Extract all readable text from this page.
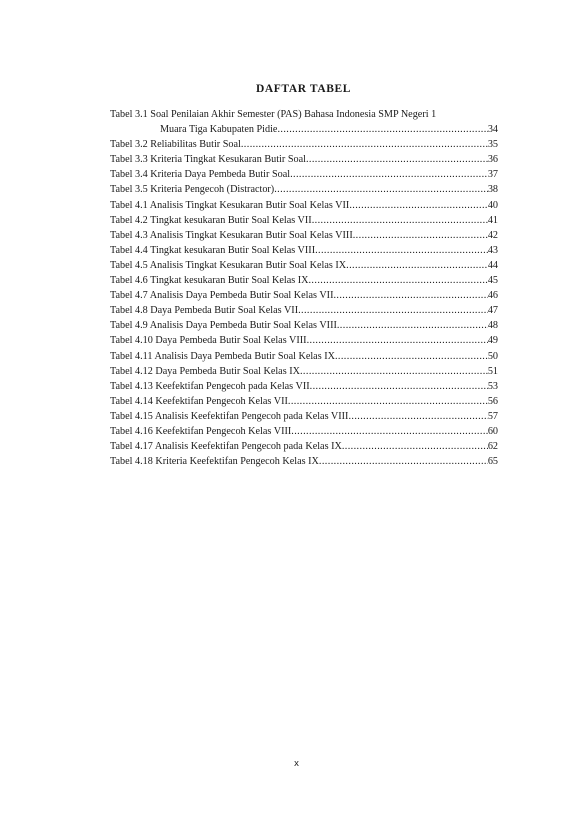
DAFTAR TABEL
Tabel 3.1 Soal Penilaian Akhir Semester (PAS) Bahasa Indonesia SMP Negeri 1
Muara Tiga Kabupaten Pidie .....	34
Tabel 3.2 Reliabilitas Butir Soal .....	35
Tabel 3.3 Kriteria Tingkat Kesukaran Butir Soal .....	36
Tabel 3.4 Kriteria Daya Pembeda Butir Soal .....	37
Tabel 3.5 Kriteria Pengecoh (Distractor) .....	38
Tabel 4.1 Analisis Tingkat Kesukaran Butir Soal Kelas VII .....	40
Tabel 4.2 Tingkat kesukaran Butir Soal Kelas VII .....	41
Tabel 4.3 Analisis Tingkat Kesukaran Butir Soal Kelas VIII .....	42
Tabel 4.4 Tingkat kesukaran Butir Soal Kelas VIII .....	43
Tabel 4.5 Analisis Tingkat Kesukaran Butir Soal Kelas IX .....	44
Tabel 4.6 Tingkat kesukaran Butir Soal Kelas IX .....	45
Tabel 4.7 Analisis Daya Pembeda Butir Soal Kelas VII .....	46
Tabel 4.8 Daya Pembeda Butir Soal Kelas VII .....	47
Tabel 4.9 Analisis Daya Pembeda Butir Soal Kelas VIII .....	48
Tabel 4.10 Daya Pembeda Butir Soal Kelas VIII .....	49
Tabel 4.11 Analisis Daya Pembeda Butir Soal Kelas IX .....	50
Tabel 4.12 Daya Pembeda Butir Soal Kelas IX .....	51
Tabel 4.13 Keefektifan Pengecoh pada Kelas VII .....	53
Tabel 4.14 Keefektifan Pengecoh Kelas VII .....	56
Tabel 4.15 Analisis Keefektifan Pengecoh pada Kelas VIII .....	57
Tabel 4.16 Keefektifan Pengecoh Kelas VIII .....	60
Tabel 4.17 Analisis Keefektifan Pengecoh pada Kelas IX .....	62
Tabel 4.18 Kriteria Keefektifan Pengecoh Kelas IX .....	65
x
